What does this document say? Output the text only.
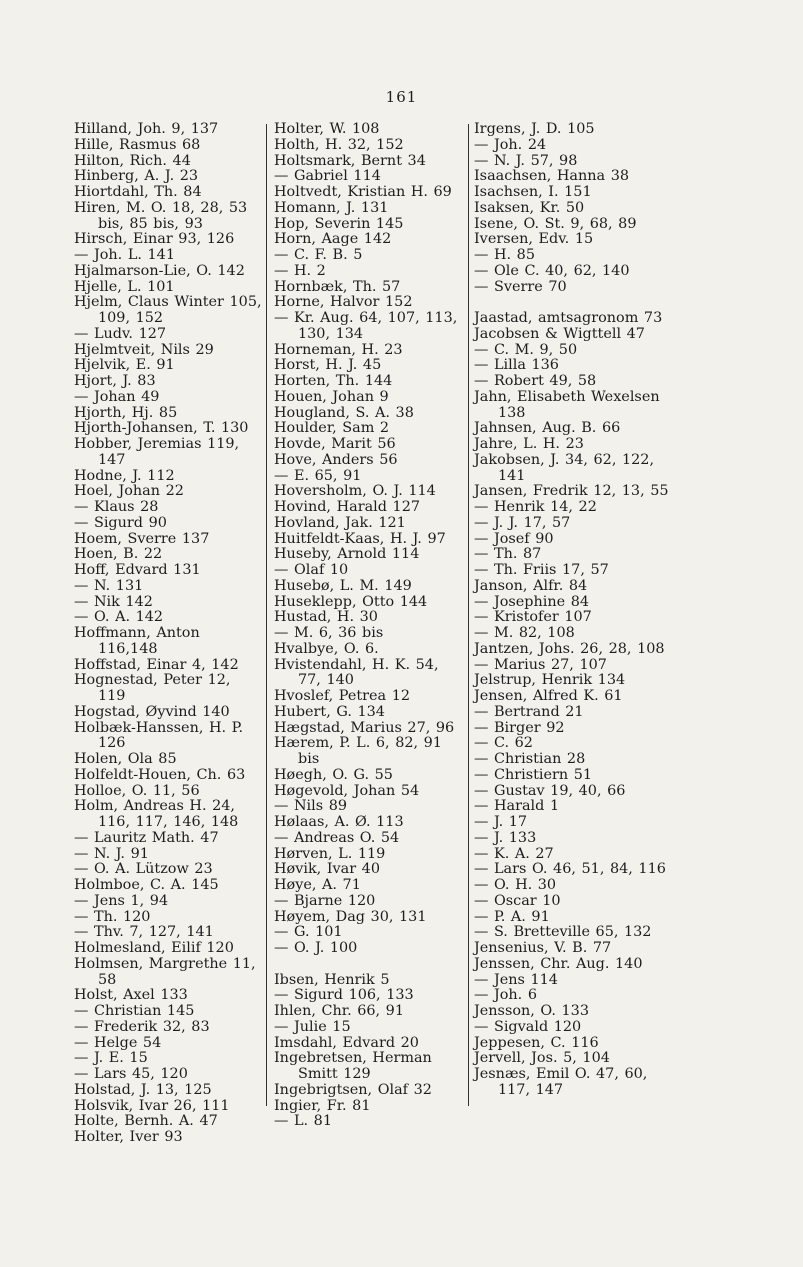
161
Hilland, Joh. 9, 137
Hille, Rasmus 68
Hilton, Rich. 44
Hinberg, A. J. 23
Hiortdahl, Th. 84
Hiren, M. O. 18, 28, 53 bis, 85 bis, 93
Hirsch, Einar 93, 126
— Joh. L. 141
Hjalmarson-Lie, O. 142
Hjelle, L. 101
Hjelm, Claus Winter 105, 109, 152
— Ludv. 127
Hjelmtveit, Nils 29
Hjelvik, E. 91
Hjort, J. 83
— Johan 49
Hjorth, Hj. 85
Hjorth-Johansen, T. 130
Hobber, Jeremias 119, 147
Hodne, J. 112
Hoel, Johan 22
— Klaus 28
— Sigurd 90
Hoem, Sverre 137
Hoen, B. 22
Hoff, Edvard 131
— N. 131
— Nik 142
— O. A. 142
Hoffmann, Anton 116,148
Hoffstad, Einar 4, 142
Hognestad, Peter 12, 119
Hogstad, Øyvind 140
Holbæk-Hanssen, H. P. 126
Holen, Ola 85
Holfeldt-Houen, Ch. 63
Holloe, O. 11, 56
Holm, Andreas H. 24, 116, 117, 146, 148
— Lauritz Math. 47
— N. J. 91
— O. A. Lützow 23
Holmboe, C. A. 145
— Jens 1, 94
— Th. 120
— Thv. 7, 127, 141
Holmesland, Eilif 120
Holmsen, Margrethe 11, 58
Holst, Axel 133
— Christian 145
— Frederik 32, 83
— Helge 54
— J. E. 15
— Lars 45, 120
Holstad, J. 13, 125
Holsvik, Ivar 26, 111
Holte, Bernh. A. 47
Holter, Iver 93
Holter, W. 108
Holth, H. 32, 152
Holtsmark, Bernt 34
— Gabriel 114
Holtvedt, Kristian H. 69
Homann, J. 131
Hop, Severin 145
Horn, Aage 142
— C. F. B. 5
— H. 2
Hornbæk, Th. 57
Horne, Halvor 152
— Kr. Aug. 64, 107, 113, 130, 134
Horneman, H. 23
Horst, H. J. 45
Horten, Th. 144
Houen, Johan 9
Hougland, S. A. 38
Houlder, Sam 2
Hovde, Marit 56
Hove, Anders 56
— E. 65, 91
Hoversholm, O. J. 114
Hovind, Harald 127
Hovland, Jak. 121
Huitfeldt-Kaas, H. J. 97
Huseby, Arnold 114
— Olaf 10
Husebø, L. M. 149
Huseklepp, Otto 144
Hustad, H. 30
— M. 6, 36 bis
Hvalbye, O. 6.
Hvistendahl, H. K. 54, 77, 140
Hvoslef, Petrea 12
Hubert, G. 134
Hægstad, Marius 27, 96
Hærem, P. L. 6, 82, 91 bis
Høegh, O. G. 55
Høgevold, Johan 54
— Nils 89
Hølaas, A. Ø. 113
— Andreas O. 54
Hørven, L. 119
Høvik, Ivar 40
Høye, A. 71
— Bjarne 120
Høyem, Dag 30, 131
— G. 101
— O. J. 100
Ibsen, Henrik 5
— Sigurd 106, 133
Ihlen, Chr. 66, 91
— Julie 15
Imsdahl, Edvard 20
Ingebretsen, Herman Smitt 129
Ingebrigtsen, Olaf 32
Ingier, Fr. 81
— L. 81
Irgens, J. D. 105
— Joh. 24
— N. J. 57, 98
Isaachsen, Hanna 38
Isachsen, I. 151
Isaksen, Kr. 50
Isene, O. St. 9, 68, 89
Iversen, Edv. 15
— H. 85
— Ole C. 40, 62, 140
— Sverre 70
Jaastad, amtsagronom 73
Jacobsen & Wigttell 47
— C. M. 9, 50
— Lilla 136
— Robert 49, 58
Jahn, Elisabeth Wexelsen 138
Jahnsen, Aug. B. 66
Jahre, L. H. 23
Jakobsen, J. 34, 62, 122, 141
Jansen, Fredrik 12, 13, 55
— Henrik 14, 22
— J. J. 17, 57
— Josef 90
— Th. 87
— Th. Friis 17, 57
Janson, Alfr. 84
— Josephine 84
— Kristofer 107
— M. 82, 108
Jantzen, Johs. 26, 28, 108
— Marius 27, 107
Jelstrup, Henrik 134
Jensen, Alfred K. 61
— Bertrand 21
— Birger 92
— C. 62
— Christian 28
— Christiern 51
— Gustav 19, 40, 66
— Harald 1
— J. 17
— J. 133
— K. A. 27
— Lars O. 46, 51, 84, 116
— O. H. 30
— Oscar 10
— P. A. 91
— S. Bretteville 65, 132
Jensenius, V. B. 77
Jenssen, Chr. Aug. 140
— Jens 114
— Joh. 6
Jensson, O. 133
— Sigvald 120
Jeppesen, C. 116
Jervell, Jos. 5, 104
Jesnæs, Emil O. 47, 60, 117, 147
